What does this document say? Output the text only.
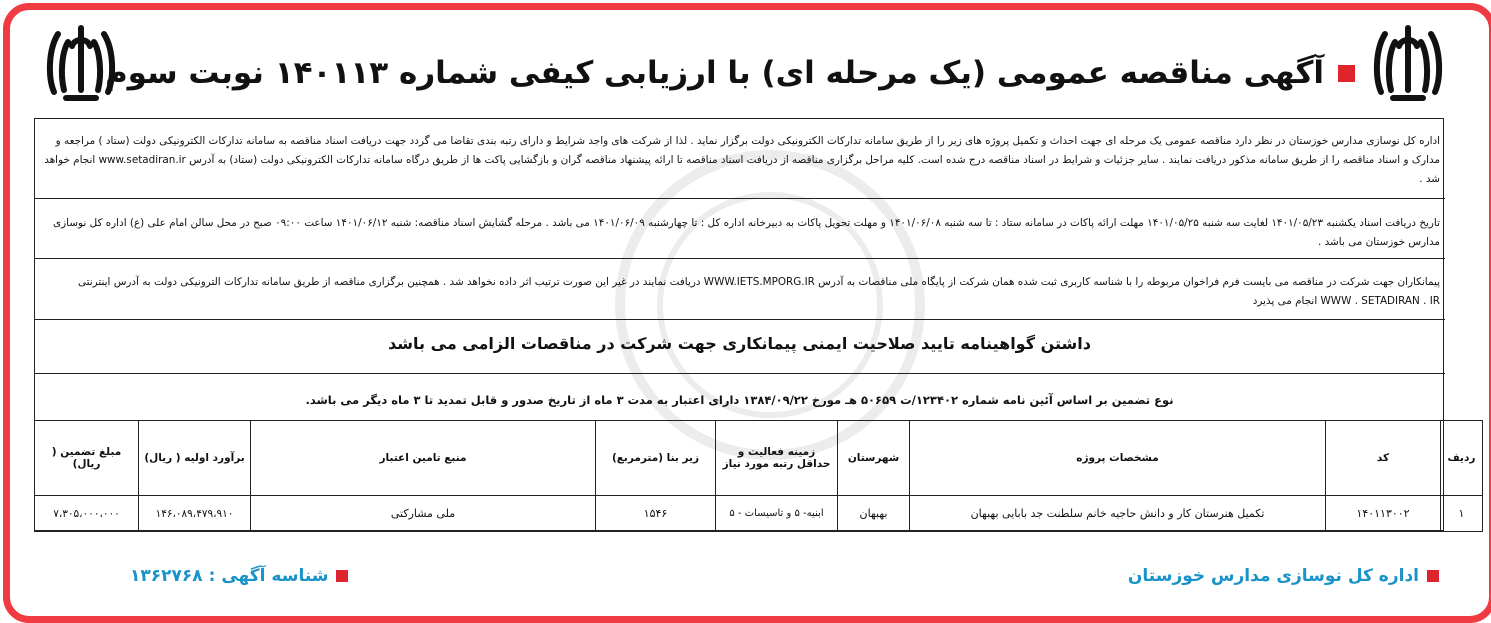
آگهی مناقصه عمومی (یک مرحله ای) با ارزیابی کیفی شماره ۱۴۰۱۱۳ نوبت سوم
اداره کل نوسازی مدارس خوزستان در نظر دارد مناقصه عمومی یک مرحله ای جهت احداث و تکمیل پروژه های زیر را از طریق سامانه تدارکات الکترونیکی دولت برگزار نماید . لذا از شرکت های واجد شرایط و دارای رتبه بندی تقاضا می گردد جهت دریافت اسناد مناقصه به سامانه تدارکات الکترونیکی دولت (ستاد ) مراجعه و مدارک و اسناد مناقصه را از طریق سامانه مذکور دریافت نمایند . سایر جزئیات و شرایط در اسناد مناقصه درج شده است. کلیه مراحل برگزاری مناقصه از دریافت اسناد مناقصه تا ارائه پیشنهاد مناقصه گران و بازگشایی پاکت ها از طریق درگاه سامانه تدارکات الکترونیکی دولت (ستاد) به آدرس www.setadiran.ir انجام خواهد شد .
تاریخ دریافت اسناد یکشنبه ۱۴۰۱/۰۵/۲۳ لغایت سه شنبه ۱۴۰۱/۰۵/۲۵ مهلت ارائه پاکات در سامانه ستاد : تا سه شنبه ۱۴۰۱/۰۶/۰۸ و مهلت تحویل پاکات به دبیرخانه اداره کل : تا چهارشنبه ۱۴۰۱/۰۶/۰۹ می باشد . مرحله گشایش اسناد مناقصه: شنبه ۱۴۰۱/۰۶/۱۲ ساعت ۰۹:۰۰ صبح در محل سالن امام علی (ع) اداره کل نوسازی مدارس خوزستان می باشد .
پیمانکاران جهت شرکت در مناقصه می بایست فرم فراخوان مربوطه را با شناسه کاربری ثبت شده همان شرکت از پایگاه ملی مناقصات به آدرس WWW.IETS.MPORG.IR دریافت نمایند در غیر این صورت ترتیب اثر داده نخواهد شد . همچنین برگزاری مناقصه از طریق سامانه تدارکات الترونیکی دولت به آدرس اینترنتی WWW . SETADIRAN . IR انجام می پذیرد
داشتن گواهینامه تایید صلاحیت ایمنی پیمانکاری جهت شرکت در مناقصات الزامی می باشد
نوع تضمین بر اساس آئین نامه شماره ۱۲۳۴۰۲/ت ۵۰۶۵۹ هـ مورخ ۱۳۸۴/۰۹/۲۲ دارای اعتبار به مدت ۳ ماه از تاریخ صدور و قابل تمدید تا ۳ ماه دیگر می باشد.
ردیف	کد	مشخصات پروژه	شهرستان	زمینه فعالیت و حداقل رتبه مورد نیاز	زیر بنا (مترمربع)	منبع تامین اعتبار	برآورد اولیه ( ریال)	مبلغ تضمین ( ریال)
۱	۱۴۰۱۱۳۰۰۲	تکمیل هنرستان کار و دانش حاجیه خانم سلطنت جد بابایی بهبهان	بهبهان	ابنیه- ۵ و تاسیسات - ۵	۱۵۴۶	ملی مشارکتی	۱۴۶،۰۸۹،۴۷۹،۹۱۰	۷،۳۰۵،۰۰۰،۰۰۰
اداره کل نوسازی مدارس خوزستان
شناسه آگهی :
۱۳۶۲۷۶۸
